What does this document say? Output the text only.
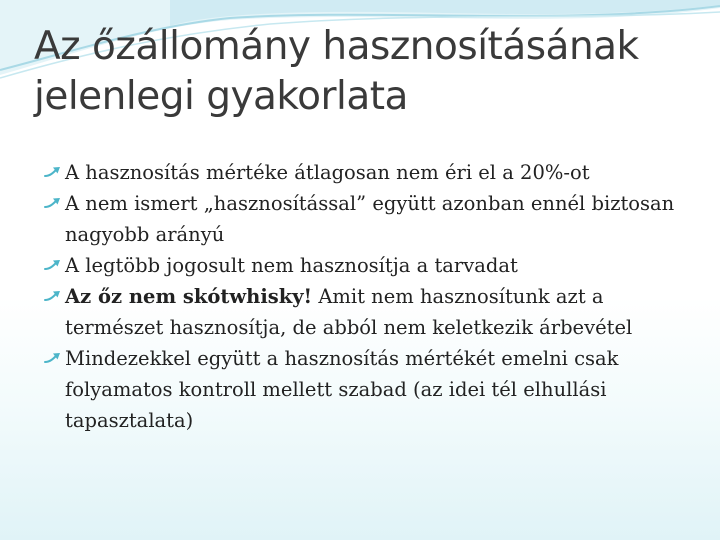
Az őzállomány hasznosításának jelenlegi gyakorlata
A hasznosítás mértéke átlagosan nem éri el a 20%-ot
A nem ismert „hasznosítással” együtt azonban ennél biztosan nagyobb arányú
A legtöbb jogosult nem hasznosítja a tarvadat
Az őz nem skótwhisky! Amit nem hasznosítunk azt a természet hasznosítja, de abból nem keletkezik árbevétel
Mindezekkel együtt a hasznosítás mértékét emelni csak folyamatos kontroll mellett szabad (az idei tél elhullási tapasztalata)
